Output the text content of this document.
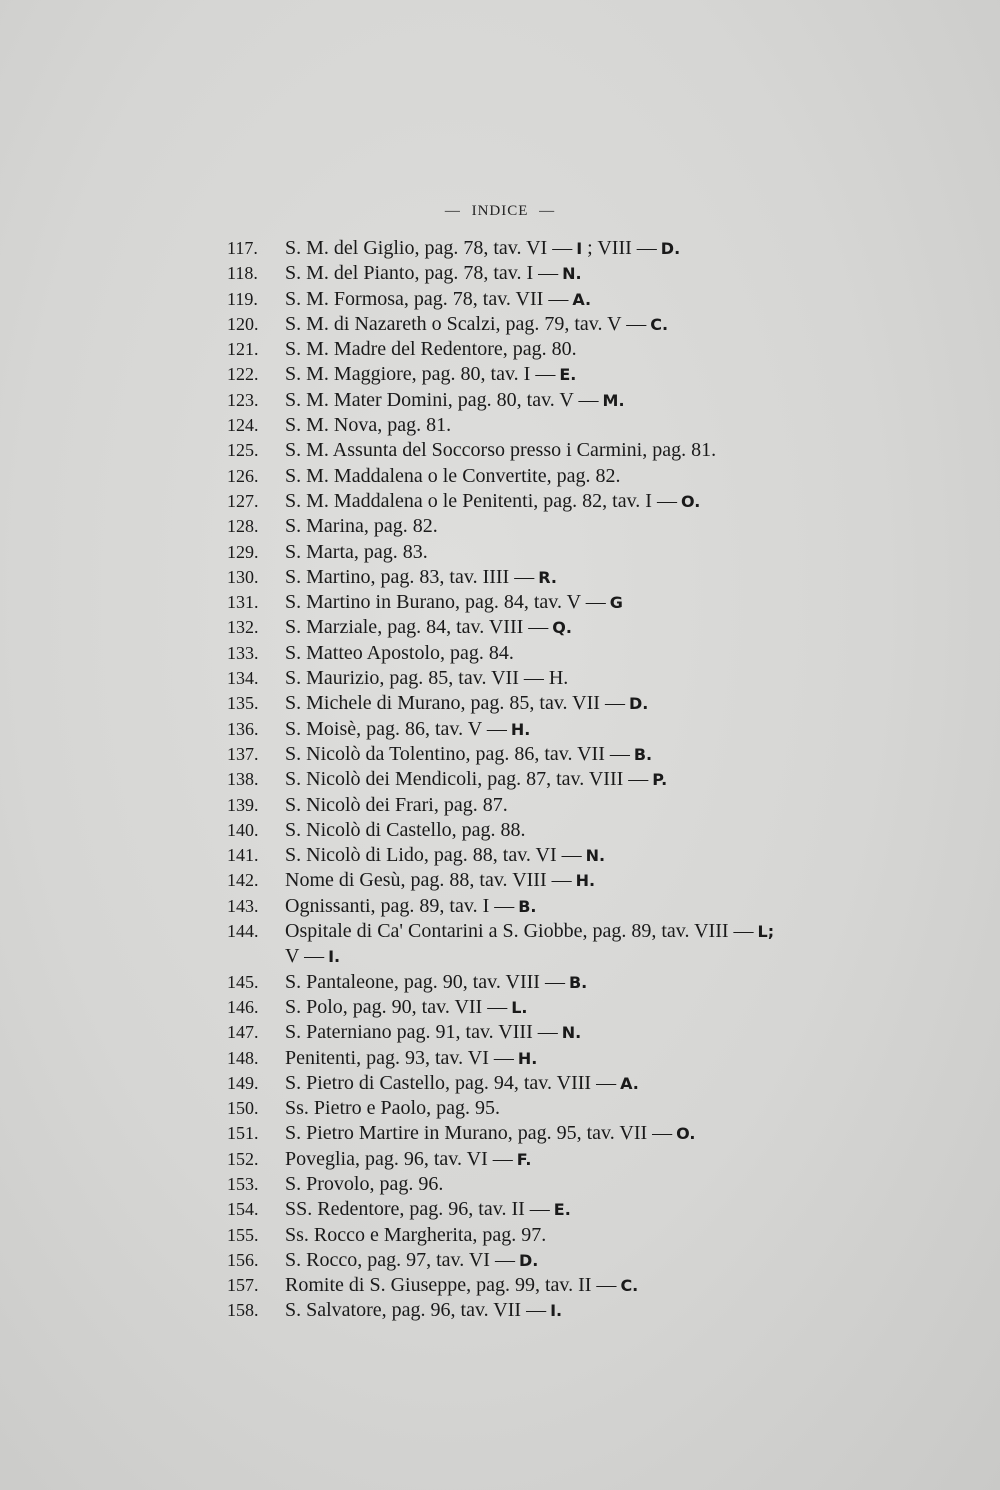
— INDICE —
117.	S. M. del Giglio, pag. 78, tav. VI — I ; VIII — D.
118.	S. M. del Pianto, pag. 78, tav. I — N.
119.	S. M. Formosa, pag. 78, tav. VII — A.
120.	S. M. di Nazareth o Scalzi, pag. 79, tav. V — C.
121.	S. M. Madre del Redentore, pag. 80.
122.	S. M. Maggiore, pag. 80, tav. I — E.
123.	S. M. Mater Domini, pag. 80, tav. V — M.
124.	S. M. Nova, pag. 81.
125.	S. M. Assunta del Soccorso presso i Carmini, pag. 81.
126.	S. M. Maddalena o le Convertite, pag. 82.
127.	S. M. Maddalena o le Penitenti, pag. 82, tav. I — O.
128.	S. Marina, pag. 82.
129.	S. Marta, pag. 83.
130.	S. Martino, pag. 83, tav. IIII — R.
131.	S. Martino in Burano, pag. 84, tav. V — G
132.	S. Marziale, pag. 84, tav. VIII — Q.
133.	S. Matteo Apostolo, pag. 84.
134.	S. Maurizio, pag. 85, tav. VII — H.
135.	S. Michele di Murano, pag. 85, tav. VII — D.
136.	S. Moisè, pag. 86, tav. V — H.
137.	S. Nicolò da Tolentino, pag. 86, tav. VII — B.
138.	S. Nicolò dei Mendicoli, pag. 87, tav. VIII — P.
139.	S. Nicolò dei Frari, pag. 87.
140.	S. Nicolò di Castello, pag. 88.
141.	S. Nicolò di Lido, pag. 88, tav. VI — N.
142.	Nome di Gesù, pag. 88, tav. VIII — H.
143.	Ognissanti, pag. 89, tav. I — B.
144.	Ospitale di Ca' Contarini a S. Giobbe, pag. 89, tav. VIII — L;
V — I.
145.	S. Pantaleone, pag. 90, tav. VIII — B.
146.	S. Polo, pag. 90, tav. VII — L.
147.	S. Paterniano pag. 91, tav. VIII — N.
148.	Penitenti, pag. 93, tav. VI — H.
149.	S. Pietro di Castello, pag. 94, tav. VIII — A.
150.	Ss. Pietro e Paolo, pag. 95.
151.	S. Pietro Martire in Murano, pag. 95, tav. VII — O.
152.	Poveglia, pag. 96, tav. VI — F.
153.	S. Provolo, pag. 96.
154.	SS. Redentore, pag. 96, tav. II — E.
155.	Ss. Rocco e Margherita, pag. 97.
156.	S. Rocco, pag. 97, tav. VI — D.
157.	Romite di S. Giuseppe, pag. 99, tav. II — C.
158.	S. Salvatore, pag. 96, tav. VII — I.
